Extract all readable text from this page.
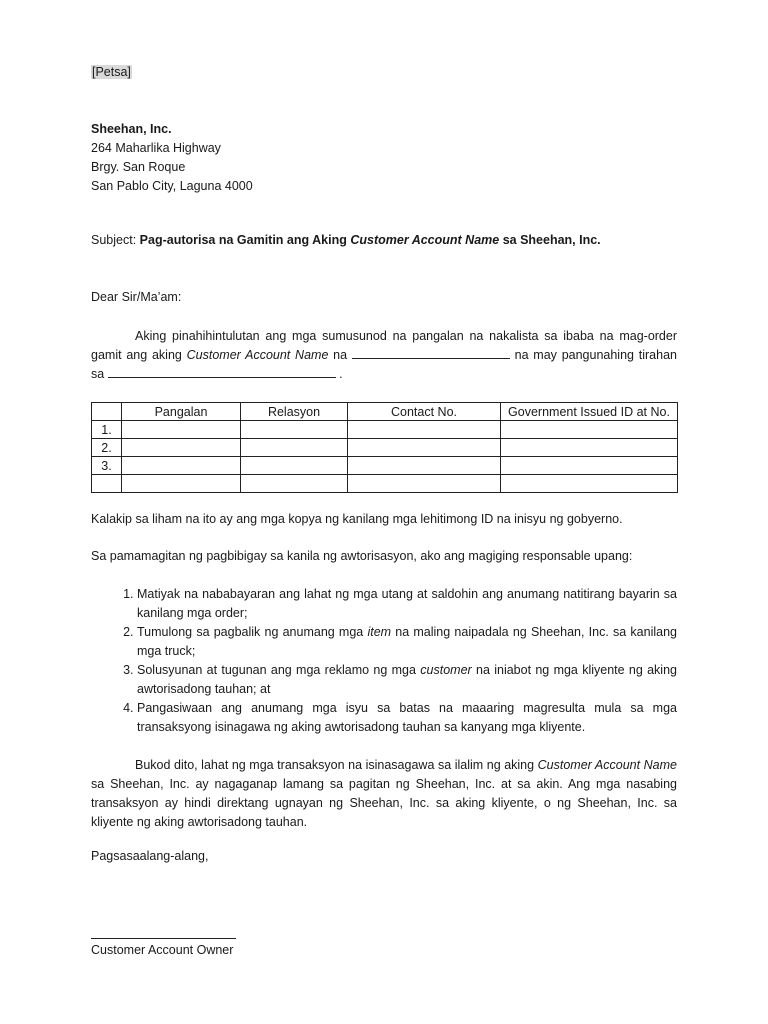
[Petsa]
Sheehan, Inc.
264 Maharlika Highway
Brgy. San Roque
San Pablo City, Laguna 4000
Subject: Pag-autorisa na Gamitin ang Aking Customer Account Name sa Sheehan, Inc.
Dear Sir/Ma’am:
Aking pinahihintulutan ang mga sumusunod na pangalan na nakalista sa ibaba na mag-order gamit ang aking Customer Account Name na	na may pangunahing tirahan sa	.
	Pangalan	Relasyon	Contact No.	Government Issued ID at No.
1.				
2.				
3.				

Kalakip sa liham na ito ay ang mga kopya ng kanilang mga lehitimong ID na inisyu ng gobyerno.
Sa pamamagitan ng pagbibigay sa kanila ng awtorisasyon, ako ang magiging responsable upang:
1. Matiyak na nababayaran ang lahat ng mga utang at saldohin ang anumang natitirang bayarin sa kanilang mga order;
2. Tumulong sa pagbalik ng anumang mga item na maling naipadala ng Sheehan, Inc. sa kanilang mga truck;
3. Solusyunan at tugunan ang mga reklamo ng mga customer na iniabot ng mga kliyente ng aking awtorisadong tauhan; at
4. Pangasiwaan ang anumang mga isyu sa batas na maaaring magresulta mula sa mga transaksyong isinagawa ng aking awtorisadong tauhan sa kanyang mga kliyente.
Bukod dito, lahat ng mga transaksyon na isinasagawa sa ilalim ng aking Customer Account Name sa Sheehan, Inc. ay nagaganap lamang sa pagitan ng Sheehan, Inc. at sa akin. Ang mga nasabing transaksyon ay hindi direktang ugnayan ng Sheehan, Inc. sa aking kliyente, o ng Sheehan, Inc. sa kliyente ng aking awtorisadong tauhan.
Pagsasaalang-alang,
Customer Account Owner
